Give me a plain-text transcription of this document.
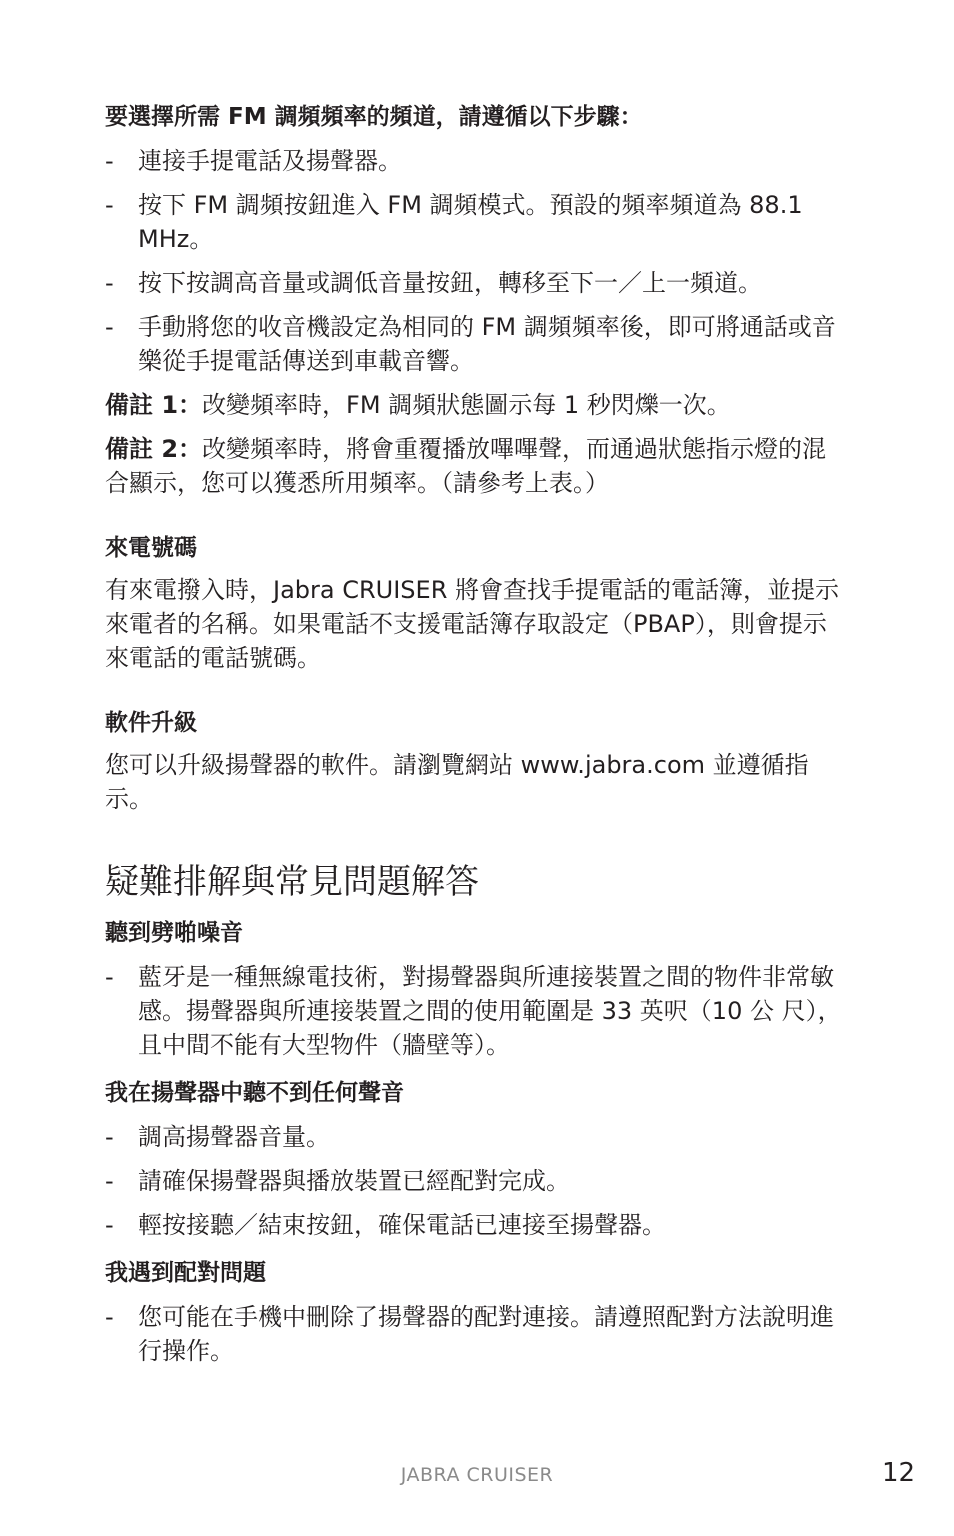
要選擇所需 FM 調頻頻率的頻道，請遵循以下步驟：

- 連接手提電話及揚聲器。
- 按下 FM 調頻按鈕進入 FM 調頻模式。預設的頻率頻道為 88.1 MHz。
- 按下按調高音量或調低音量按鈕，轉移至下一／上一頻道。
- 手動將您的收音機設定為相同的 FM 調頻頻率後，即可將通話或音樂從手提電話傳送到車載音響。

備註 1：改變頻率時，FM 調頻狀態圖示每 1 秒閃爍一次。

備註 2：改變頻率時，將會重覆播放嗶嗶聲，而通過狀態指示燈的混合顯示，您可以獲悉所用頻率。（請參考上表。）

來電號碼

有來電撥入時，Jabra CRUISER 將會查找手提電話的電話簿，並提示來電者的名稱。如果電話不支援電話簿存取設定（PBAP），則會提示來電話的電話號碼。

軟件升級

您可以升級揚聲器的軟件。請瀏覽網站 www.jabra.com 並遵循指示。

疑難排解與常見問題解答

聽到劈啪噪音

- 藍牙是一種無線電技術，對揚聲器與所連接裝置之間的物件非常敏感。揚聲器與所連接裝置之間的使用範圍是 33 英呎（10 公 尺），且中間不能有大型物件（牆壁等）。

我在揚聲器中聽不到任何聲音

- 調高揚聲器音量。
- 請確保揚聲器與播放裝置已經配對完成。
- 輕按接聽／結束按鈕，確保電話已連接至揚聲器。

我遇到配對問題

- 您可能在手機中刪除了揚聲器的配對連接。請遵照配對方法說明進行操作。
JABRA CRUISER	12
